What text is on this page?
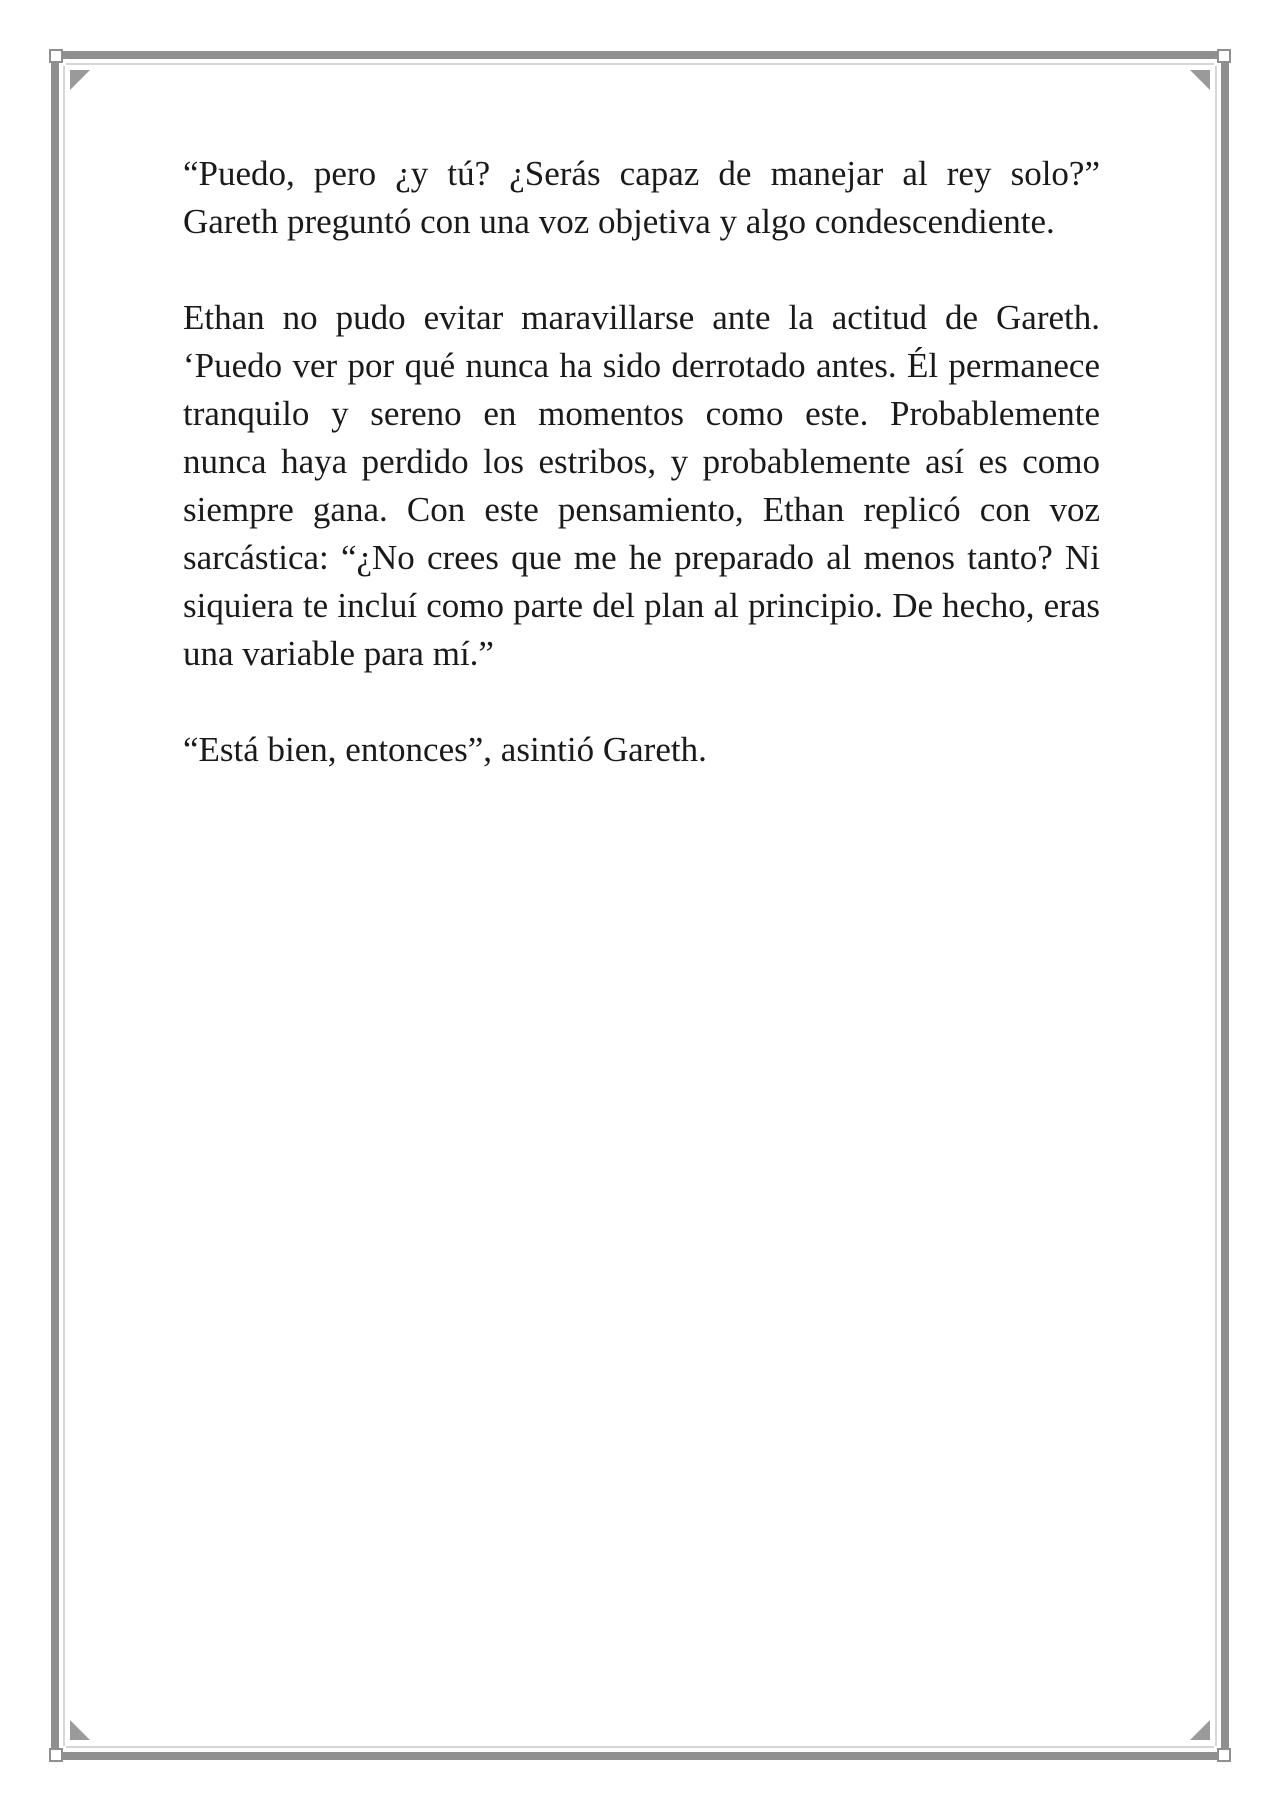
“Puedo, pero ¿y tú? ¿Serás capaz de manejar al rey solo?” Gareth preguntó con una voz objetiva y algo condescendiente.

Ethan no pudo evitar maravillarse ante la actitud de Gareth. ‘Puedo ver por qué nunca ha sido derrotado antes. Él permanece tranquilo y sereno en momentos como este. Probablemente nunca haya perdido los estribos, y probablemente así es como siempre gana. Con este pensamiento, Ethan replicó con voz sarcástica: “¿No crees que me he preparado al menos tanto? Ni siquiera te incluí como parte del plan al principio. De hecho, eras una variable para mí.”

“Está bien, entonces”, asintió Gareth.
